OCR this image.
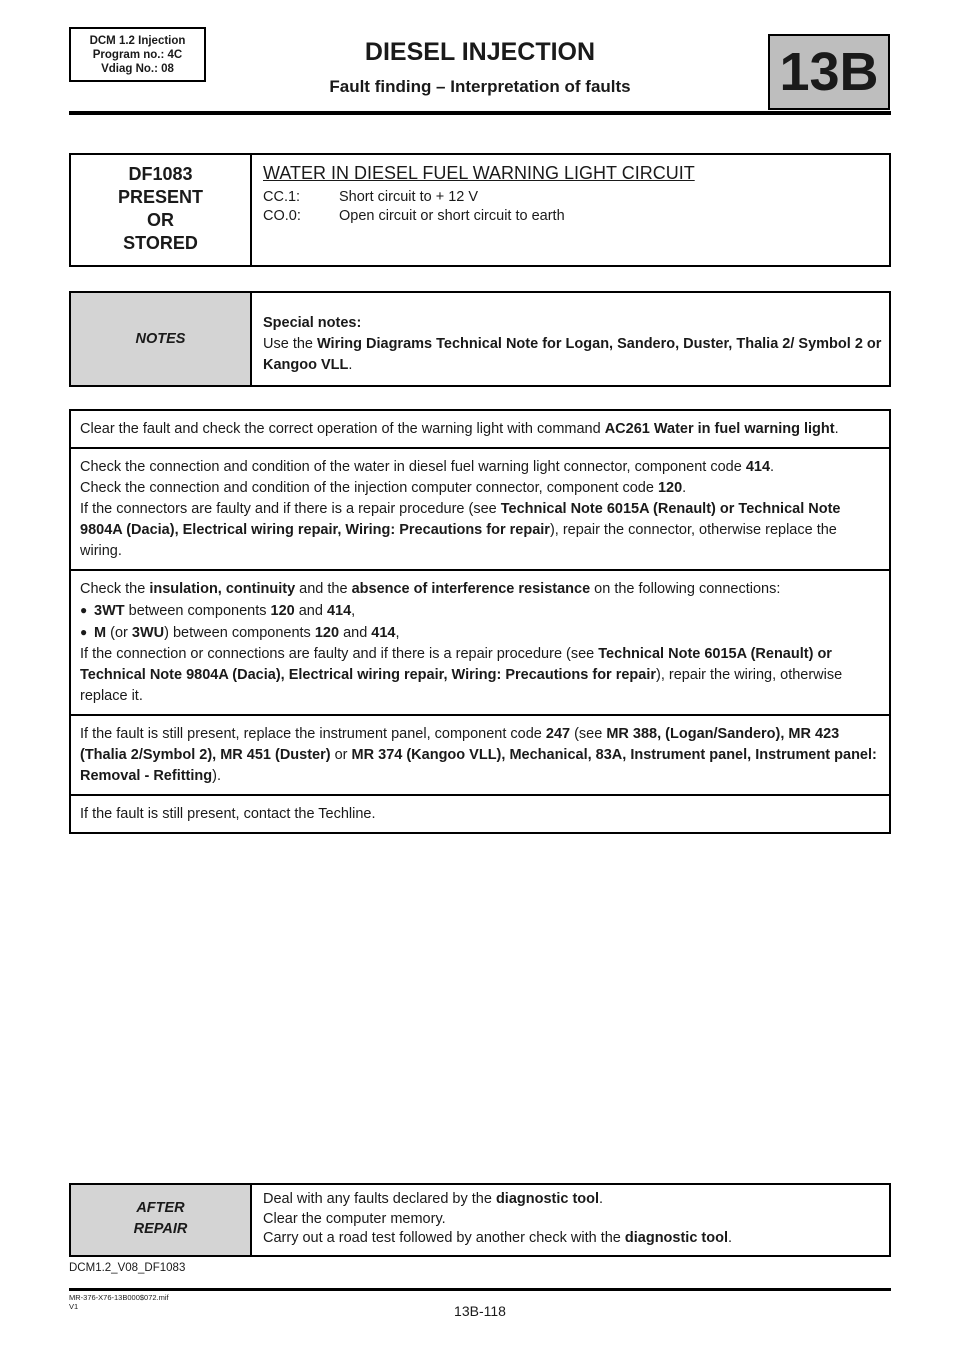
DCM 1.2 Injection
Program no.: 4C
Vdiag No.: 08
DIESEL INJECTION
Fault finding – Interpretation of faults	13B
DF1083
PRESENT
OR
STORED
WATER IN DIESEL FUEL WARNING LIGHT CIRCUIT
CC.1:	Short circuit to + 12 V
CO.0:	Open circuit or short circuit to earth
NOTES
Special notes:
Use the Wiring Diagrams Technical Note for Logan, Sandero, Duster, Thalia 2/ Symbol 2 or Kangoo VLL.
Clear the fault and check the correct operation of the warning light with command AC261 Water in fuel warning light.
Check the connection and condition of the water in diesel fuel warning light connector, component code 414.
Check the connection and condition of the injection computer connector, component code 120.
If the connectors are faulty and if there is a repair procedure (see Technical Note 6015A (Renault) or Technical Note 9804A (Dacia), Electrical wiring repair, Wiring: Precautions for repair), repair the connector, otherwise replace the wiring.
Check the insulation, continuity and the absence of interference resistance on the following connections:
● 3WT between components 120 and 414,
● M (or 3WU) between components 120 and 414,
If the connection or connections are faulty and if there is a repair procedure (see Technical Note 6015A (Renault) or Technical Note 9804A (Dacia), Electrical wiring repair, Wiring: Precautions for repair), repair the wiring, otherwise replace it.
If the fault is still present, replace the instrument panel, component code 247 (see MR 388, (Logan/Sandero), MR 423 (Thalia 2/Symbol 2), MR 451 (Duster) or MR 374 (Kangoo VLL), Mechanical, 83A, Instrument panel, Instrument panel: Removal - Refitting).
If the fault is still present, contact the Techline.
AFTER
REPAIR
Deal with any faults declared by the diagnostic tool.
Clear the computer memory.
Carry out a road test followed by another check with the diagnostic tool.
DCM1.2_V08_DF1083
MR-376-X76-13B000$072.mif
V1	13B-118
